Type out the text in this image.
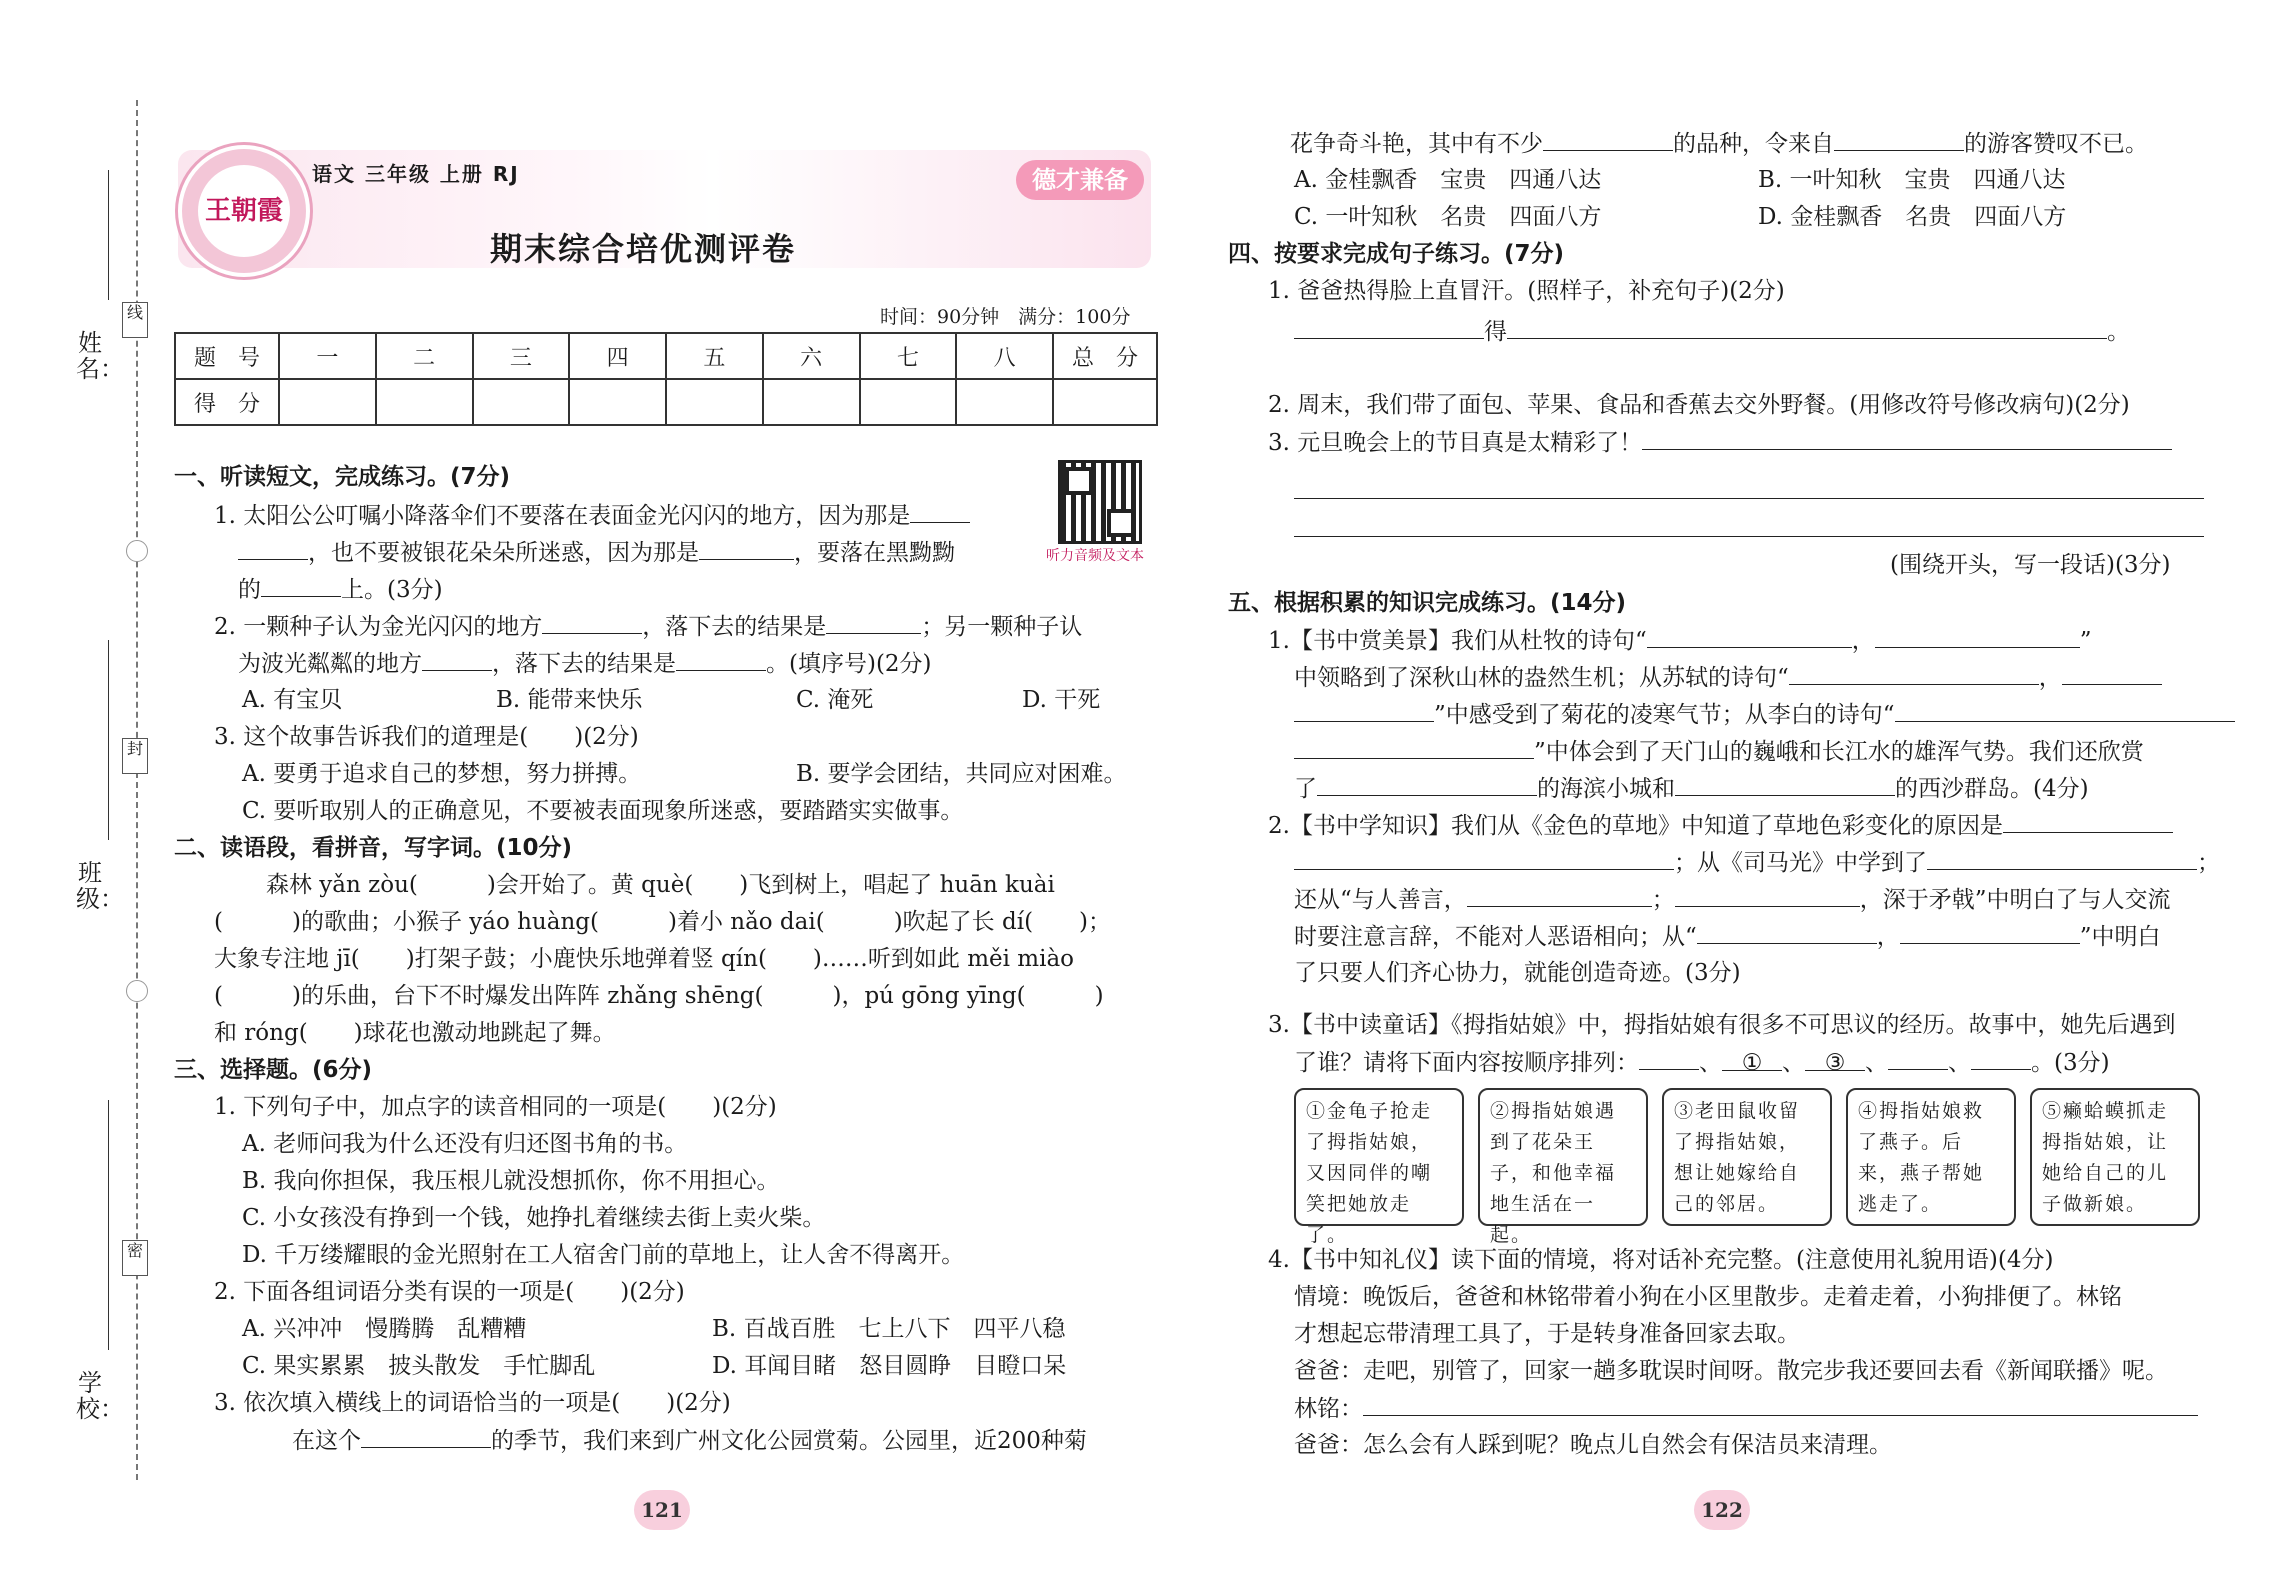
姓 名：
班 级：
学 校：
线
封
密
王朝霞
语文 三年级 上册 RJ	德才兼备
期末综合培优测评卷
时间：90分钟　满分：100分
题　号	一	二	三	四	五	六	七	八	总　分
得　分									
听力音频及文本
一、听读短文，完成练习。(7分)
1. 太阳公公叮嘱小降落伞们不要落在表面金光闪闪的地方，因为那是
，也不要被银花朵朵所迷惑，因为那是	，要落在黑黝黝
的	上。(3分)
2. 一颗种子认为金光闪闪的地方	，落下去的结果是	；另一颗种子认
为波光粼粼的地方	，落下去的结果是	。(填序号)(2分)
A. 有宝贝	B. 能带来快乐	C. 淹死	D. 干死
3. 这个故事告诉我们的道理是(　　)(2分)
A. 要勇于追求自己的梦想，努力拼搏。	B. 要学会团结，共同应对困难。
C. 要听取别人的正确意见，不要被表面现象所迷惑，要踏踏实实做事。
二、读语段，看拼音，写字词。(10分)
森林 yǎn zòu(　　　)会开始了。黄 què(　　)飞到树上，唱起了 huān kuài
(　　　)的歌曲；小猴子 yáo huàng(　　　)着小 nǎo dai(　　　)吹起了长 dí(　　)；
大象专注地 jī(　　)打架子鼓；小鹿快乐地弹着竖 qín(　　)……听到如此 měi miào
(　　　)的乐曲，台下不时爆发出阵阵 zhǎng shēng(　　　)，pú gōng yīng(　　　)
和 róng(　　)球花也激动地跳起了舞。
三、选择题。(6分)
1. 下列句子中，加点字的读音相同的一项是(　　)(2分)
A. 老师问我为什么还没有归还图书角的书。
B. 我向你担保，我压根儿就没想抓你，你不用担心。
C. 小女孩没有挣到一个钱，她挣扎着继续去街上卖火柴。
D. 千万缕耀眼的金光照射在工人宿舍门前的草地上，让人舍不得离开。
2. 下面各组词语分类有误的一项是(　　)(2分)
A. 兴冲冲　慢腾腾　乱糟糟	B. 百战百胜　七上八下　四平八稳
C. 果实累累　披头散发　手忙脚乱	D. 耳闻目睹　怒目圆睁　目瞪口呆
3. 依次填入横线上的词语恰当的一项是(　　)(2分)
在这个	的季节，我们来到广州文化公园赏菊。公园里，近200种菊
121
花争奇斗艳，其中有不少	的品种，令来自	的游客赞叹不已。
A. 金桂飘香　宝贵　四通八达	B. 一叶知秋　宝贵　四通八达
C. 一叶知秋　名贵　四面八方	D. 金桂飘香　名贵　四面八方
四、按要求完成句子练习。(7分)
1. 爸爸热得脸上直冒汗。(照样子，补充句子)(2分)
得	。
2. 周末，我们带了面包、苹果、食品和香蕉去交外野餐。(用修改符号修改病句)(2分)
3. 元旦晚会上的节目真是太精彩了！
(围绕开头，写一段话)(3分)
五、根据积累的知识完成练习。(14分)
1.【书中赏美景】我们从杜牧的诗句“	，	”
中领略到了深秋山林的盎然生机；从苏轼的诗句“	，
”中感受到了菊花的凌寒气节；从李白的诗句“
”中体会到了天门山的巍峨和长江水的雄浑气势。我们还欣赏
了	的海滨小城和	的西沙群岛。(4分)
2.【书中学知识】我们从《金色的草地》中知道了草地色彩变化的原因是
；从《司马光》中学到了	；
还从“与人善言，	；	，深于矛戟”中明白了与人交流
时要注意言辞，不能对人恶语相向；从“	，	”中明白
了只要人们齐心协力，就能创造奇迹。(3分)
3.【书中读童话】《拇指姑娘》中，拇指姑娘有很多不可思议的经历。故事中，她先后遇到
了谁？请将下面内容按顺序排列：	、 ① 、 ③ 、	、	。(3分)
①金龟子抢走了拇指姑娘，又因同伴的嘲笑把她放走了。
②拇指姑娘遇到了花朵王子，和他幸福地生活在一起。
③老田鼠收留了拇指姑娘，想让她嫁给自己的邻居。
④拇指姑娘救了燕子。后来，燕子帮她逃走了。
⑤癞蛤蟆抓走拇指姑娘，让她给自己的儿子做新娘。
4.【书中知礼仪】读下面的情境，将对话补充完整。(注意使用礼貌用语)(4分)
情境：晚饭后，爸爸和林铭带着小狗在小区里散步。走着走着，小狗排便了。林铭
才想起忘带清理工具了，于是转身准备回家去取。
爸爸：走吧，别管了，回家一趟多耽误时间呀。散完步我还要回去看《新闻联播》呢。
林铭：
爸爸：怎么会有人踩到呢？晚点儿自然会有保洁员来清理。
122
